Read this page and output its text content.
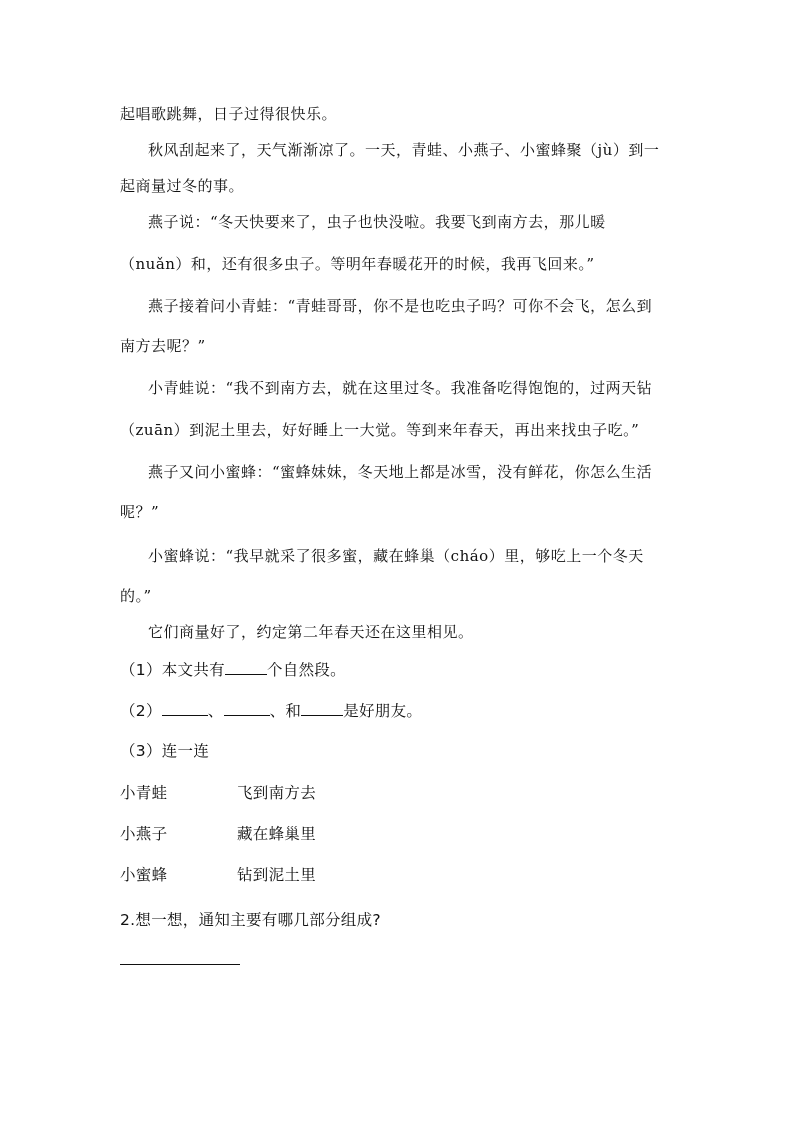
起唱歌跳舞，日子过得很快乐。
秋风刮起来了，天气渐渐凉了。一天，青蛙、小燕子、小蜜蜂聚（jù）到一
起商量过冬的事。
燕子说：“冬天快要来了，虫子也快没啦。我要飞到南方去，那儿暖
（nuǎn）和，还有很多虫子。等明年春暖花开的时候，我再飞回来。”
燕子接着问小青蛙：“青蛙哥哥，你不是也吃虫子吗？可你不会飞，怎么到
南方去呢？”
小青蛙说：“我不到南方去，就在这里过冬。我准备吃得饱饱的，过两天钻
（zuān）到泥土里去，好好睡上一大觉。等到来年春天，再出来找虫子吃。”
燕子又问小蜜蜂：“蜜蜂妹妹，冬天地上都是冰雪，没有鲜花，你怎么生活
呢？”
小蜜蜂说：“我早就采了很多蜜，藏在蜂巢（cháo）里，够吃上一个冬天
的。”
它们商量好了，约定第二年春天还在这里相见。
（1）本文共有	个自然段。
（2）	、	、和	是好朋友。
（3）连一连
小青蛙	飞到南方去
小燕子	藏在蜂巢里
小蜜蜂	钻到泥土里
2.想一想，通知主要有哪几部分组成?
